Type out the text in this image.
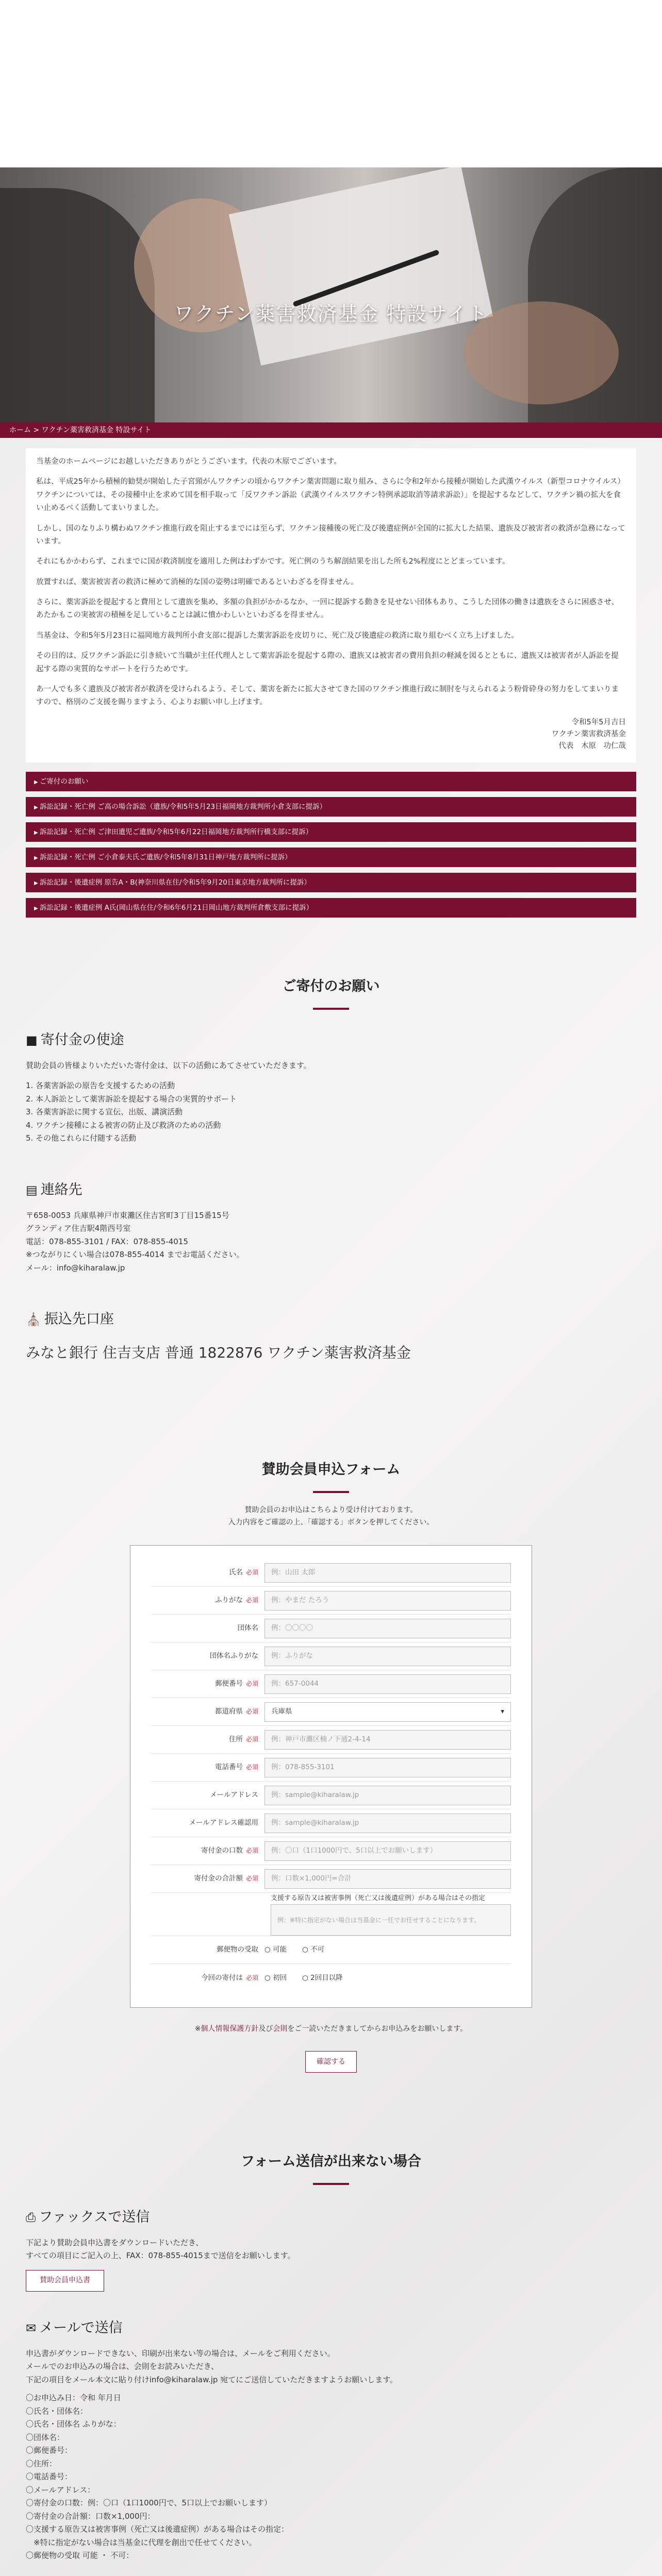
ワクチン薬害救済基金 特設サイト
ホーム > ワクチン薬害救済基金 特設サイト

当基金のホームページにお越しいただきありがとうございます。代表の木原でございます。

私は、平成25年から積極的勧奨が開始した子宮頸がんワクチンの頃からワクチン薬害問題に取り組み、さらに令和2年から接種が開始した武漢ウイルス（新型コロナウイルス）ワクチンについては、その接種中止を求めて国を相手取って「反ワクチン訴訟（武漢ウイルスワクチン特例承認取消等請求訴訟）」を提起するなどして、ワクチン禍の拡大を食い止めるべく活動してまいりました。

しかし、国のなりふり構わぬワクチン推進行政を阻止するまでには至らず、ワクチン接種後の死亡及び後遺症例が全国的に拡大した結果、遺族及び被害者の救済が急務になっています。

それにもかかわらず、これまでに国が救済制度を適用した例はわずかです。死亡例のうち解剖結果を出した所も2%程度にとどまっています。

放置すれば、薬害被害者の救済に極めて消極的な国の姿勢は明確であるといわざるを得ません。

さらに、薬害訴訟を提起すると費用として遺族を集め、多額の負担がかかるなか、一回に提訴する動きを見せない団体もあり、こうした団体の働きは遺族をさらに困惑させ、あたかもこの実被害の積極を足していることは誠に憤かわしいといわざるを得ません。

当基金は、令和5年5月23日に福岡地方裁判所小倉支部に提訴した薬害訴訟を皮切りに、死亡及び後遺症の救済に取り組むべく立ち上げました。

その目的は、反ワクチン訴訟に引き続いて当職が主任代理人として薬害訴訟を提起する際の、遺族又は被害者の費用負担の軽減を図るとともに、遺族又は被害者が人訴訟を提起する際の実質的なサポートを行うためです。

あ一人でも多く遺族及び被害者が救済を受けられるよう、そして、薬害を新たに拡大させてきた国のワクチン推進行政に制肘を与えられるよう粉骨砕身の努力をしてまいりますので、格別のご支援を賜りますよう、心よりお願い申し上げます。

令和5年5月吉日
ワクチン薬害救済基金
代表　木原　功仁哉
▶ ご寄付のお願い
▶ 訴訟記録・死亡例 ご高の場合訴訟（遺族/令和5年5月23日福岡地方裁判所小倉支部に提訴）
▶ 訴訟記録・死亡例 ご津田遺児ご遺族/令和5年6月22日福岡地方裁判所行橋支部に提訴）
▶ 訴訟記録・死亡例 ご小倉泰夫氏ご遺族/令和5年8月31日神戸地方裁判所に提訴）
▶ 訴訟記録・後遺症例 原告A・B(神奈川県在住/令和5年9月20日東京地方裁判所に提訴）
▶ 訴訟記録・後遺症例 A氏(岡山県在住/令和6年6月21日岡山地方裁判所倉敷支部に提訴）
ご寄付のお願い
■ 寄付金の使途

賛助会員の皆様よりいただいた寄付金は、以下の活動にあてさせていただきます。

1. 各薬害訴訟の原告を支援するための活動
2. 本人訴訟として薬害訴訟を提起する場合の実質的サポート
3. 各薬害訴訟に関する宣伝、出版、講演活動
4. ワクチン接種による被害の防止及び救済のための活動
5. その他これらに付随する活動
▤ 連絡先

〒658-0053 兵庫県神戸市東灘区住吉宮町3丁目15番15号

グランディア住吉駅4階西号室

電話：078-855-3101 / FAX：078-855-4015

※つながりにくい場合は078-855-4014 までお電話ください。

メール：info@kiharalaw.jp

⛪ 振込先口座
みなと銀行 住吉支店 普通 1822876 ワクチン薬害救済基金
賛助会員申込フォーム
賛助会員のお申込はこちらより受け付けております。
入力内容をご確認の上、「確認する」ボタンを押してください。
氏名 必須	例：山田 太郎
ふりがな 必須	例：やまだ たろう
団体名	例：〇〇〇〇
団体名ふりがな	例：ふりがな
郵便番号 必須	例：657-0044
都道府県 必須	兵庫県	▾
住所 必須	例：神戸市灘区楠ノ下通2-4-14
電話番号 必須	例：078-855-3101
メールアドレス	例：sample@kiharalaw.jp
メールアドレス確認用	例：sample@kiharalaw.jp
寄付金の口数 必須	例：〇口（1口1000円で、5口以上でお願いします）
寄付金の合計額 必須	例：口数×1,000円=合計
支援する原告又は被害事例（死亡又は後遺症例）がある場合はその指定
例：※特に指定がない場合は当基金に一任でお任せすることになります。
郵便物の受取	○ 可能	○ 不可
今回の寄付は 必須	○ 初回	○ 2回目以降
※個人情報保護方針及び会則をご一読いただきましてからお申込みをお願いします。
確認する
フォーム送信が出来ない場合
⎙ ファックスで送信

下記より賛助会員申込書をダウンロードいただき、

すべての項目にご記入の上、FAX：078-855-4015まで送信をお願いします。

賛助会員申込書
✉ メールで送信

申込書がダウンロードできない、印刷が出来ない等の場合は、メールをご利用ください。

メールでのお申込みの場合は、会則をお読みいただき、

下記の項目をメール本文に貼り付けinfo@kiharalaw.jp 宛てにご送信していただきますようお願いします。

〇お申込み日：令和 年月日

〇氏名・団体名：

〇氏名・団体名 ふりがな：

〇団体名：

〇郵便番号：

〇住所：

〇電話番号：

〇メールアドレス：

〇寄付金の口数：例：〇口（1口1000円で、5口以上でお願いします）

〇寄付金の合計額：口数×1,000円：

〇支援する原告又は被害事例（死亡又は後遺症例）がある場合はその指定：

　※特に指定がない場合は当基金に代理を創出で任せてください。

〇郵便物の受取 可能 ・ 不可：
